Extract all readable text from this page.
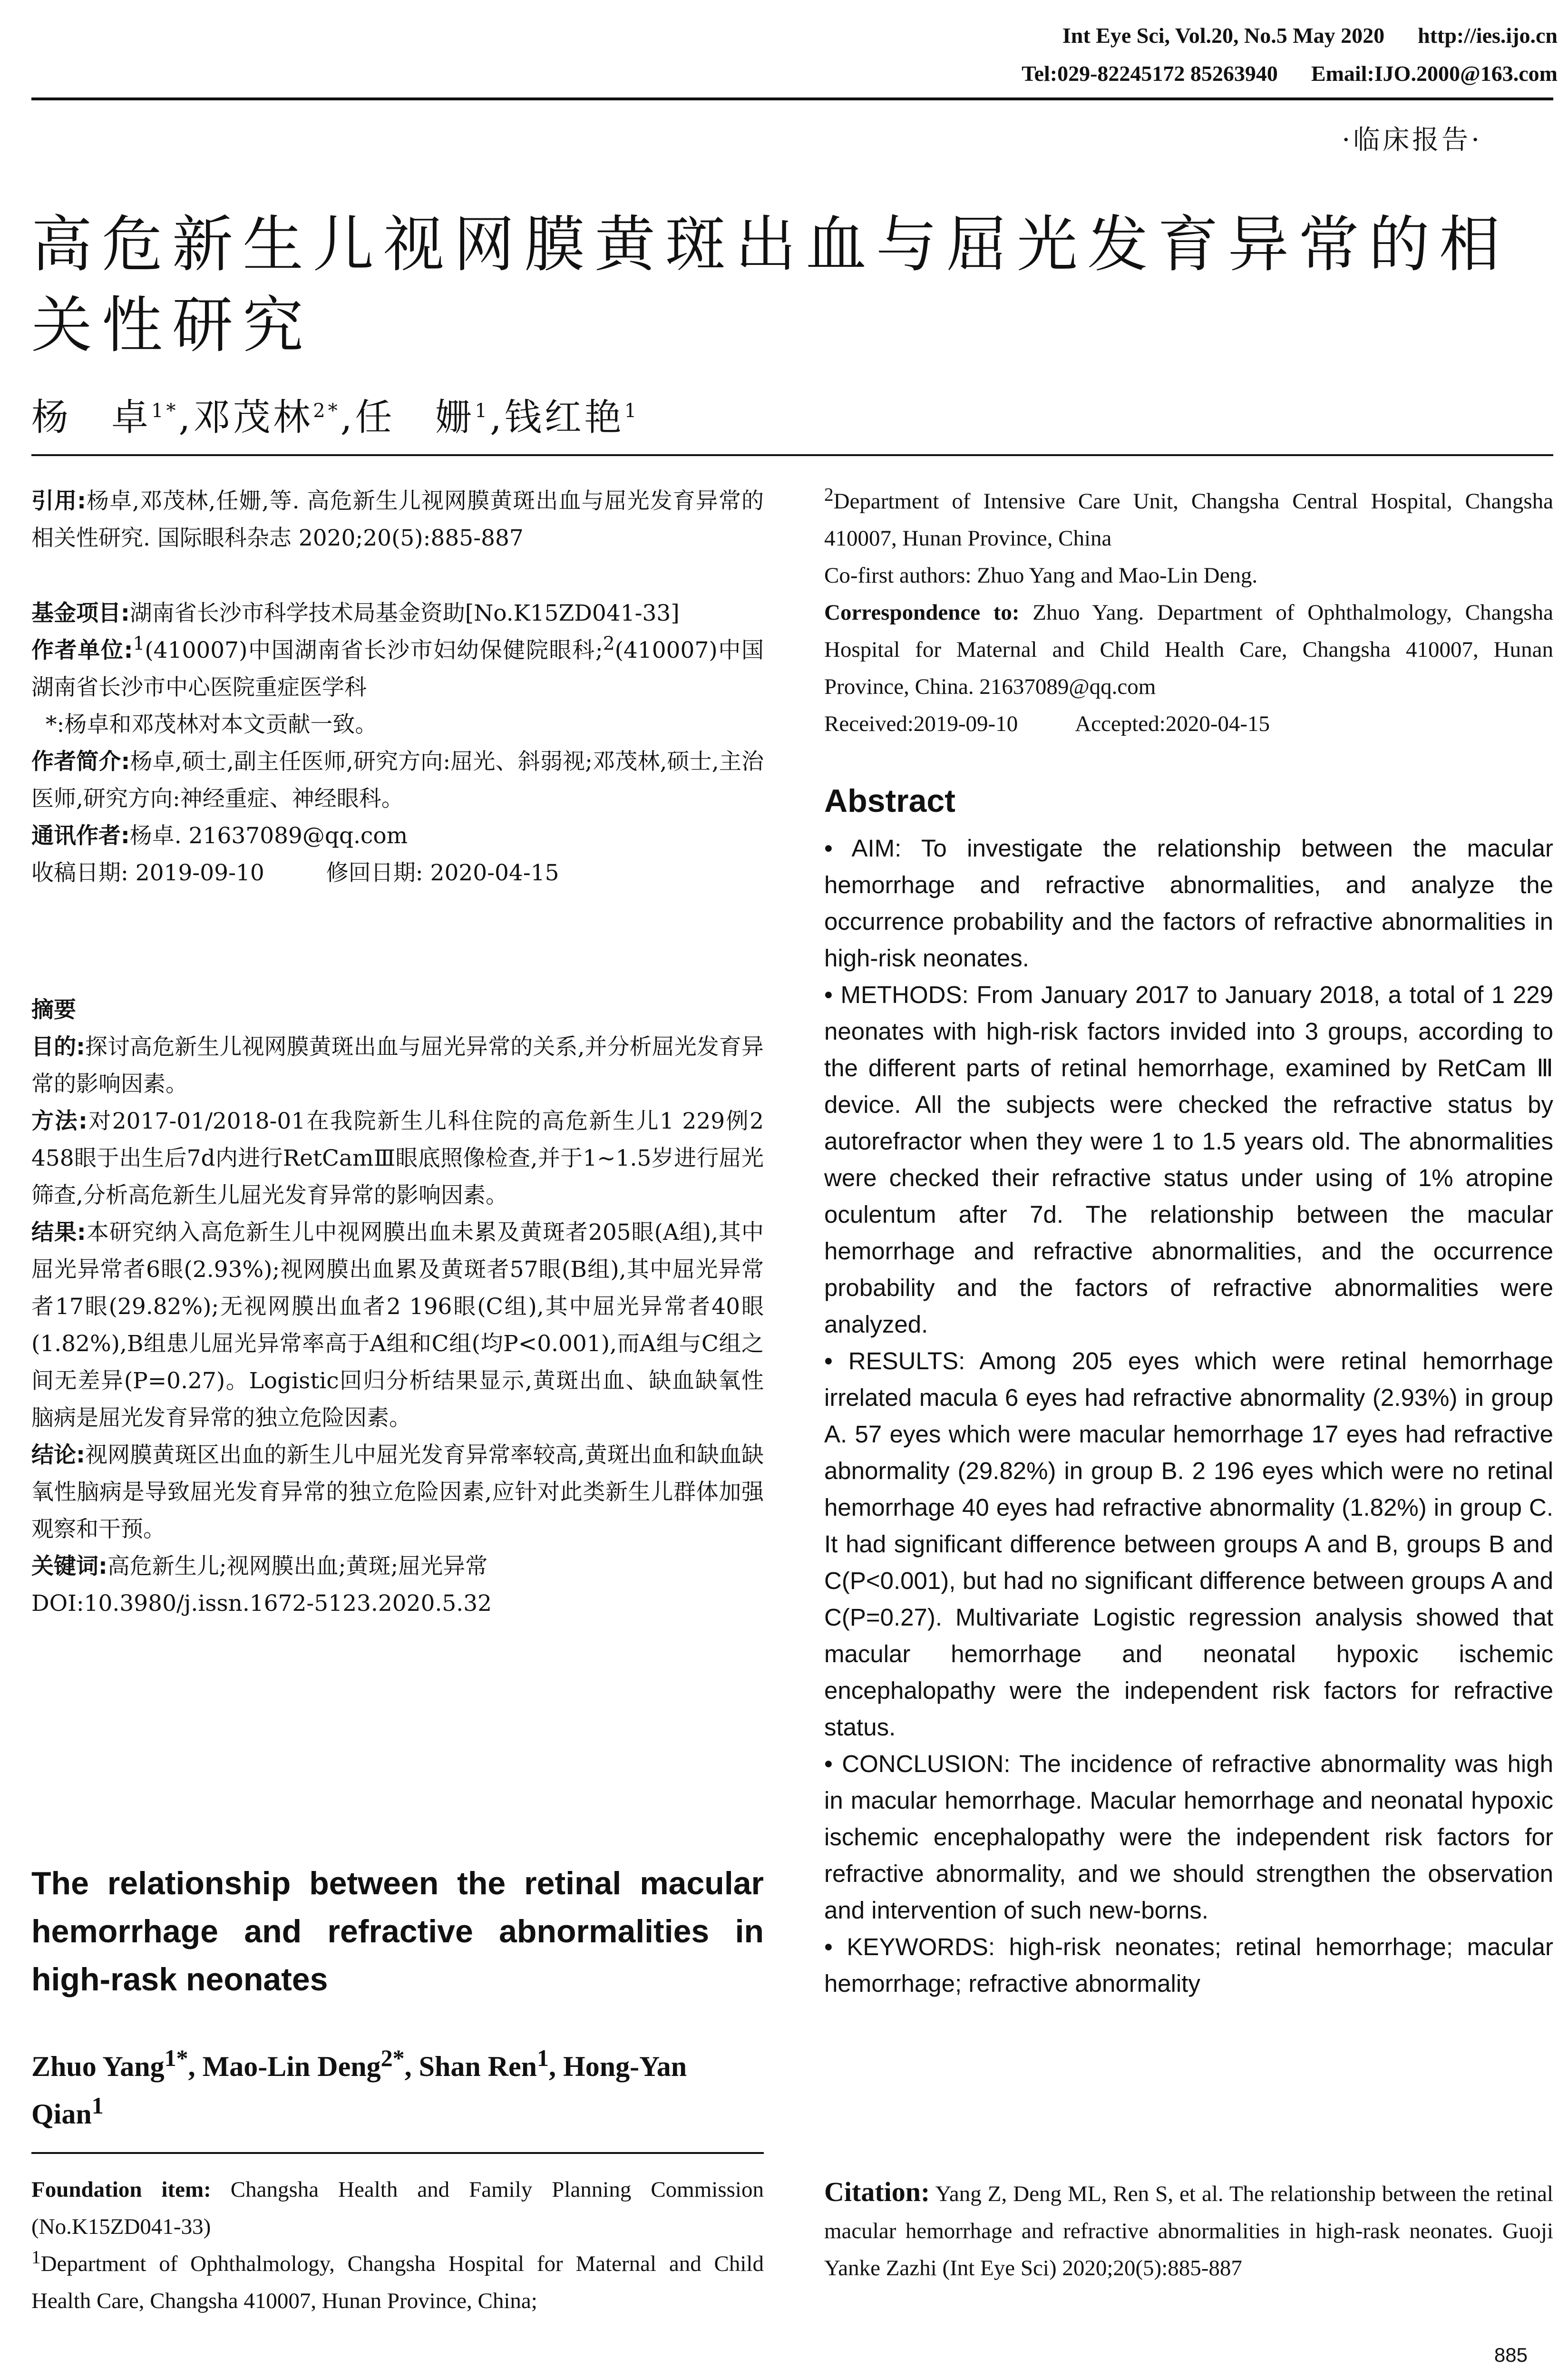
Int Eye Sci, Vol.20, No.5 May 2020 http://ies.ijo.cn
Tel:029-82245172 85263940 Email:IJO.2000@163.com
·临床报告·
高危新生儿视网膜黄斑出血与屈光发育异常的相关性研究
杨　卓$^{1*}$,邓茂林$^{2*}$,任　姗$^1$,钱红艳$^1$

引用:杨卓,邓茂林,任姗,等. 高危新生儿视网膜黄斑出血与屈光发育异常的相关性研究. 国际眼科杂志 2020;20(5):885-887

基金项目:湖南省长沙市科学技术局基金资助[No.K15ZD041-33]

作者单位:$^1$(410007)中国湖南省长沙市妇幼保健院眼科;$^2$(410007)中国湖南省长沙市中心医院重症医学科

*:杨卓和邓茂林对本文贡献一致。

作者简介:杨卓,硕士,副主任医师,研究方向:屈光、斜弱视;邓茂林,硕士,主治医师,研究方向:神经重症、神经眼科。

通讯作者:杨卓. 21637089@qq.com

收稿日期: 2019-09-10	修回日期: 2020-04-15

摘要

目的:探讨高危新生儿视网膜黄斑出血与屈光异常的关系,并分析屈光发育异常的影响因素。

方法:对2017-01/2018-01在我院新生儿科住院的高危新生儿1 229例2 458眼于出生后7d内进行RetCamⅢ眼底照像检查,并于1~1.5岁进行屈光筛查,分析高危新生儿屈光发育异常的影响因素。

结果:本研究纳入高危新生儿中视网膜出血未累及黄斑者205眼(A组),其中屈光异常者6眼(2.93%);视网膜出血累及黄斑者57眼(B组),其中屈光异常者17眼(29.82%);无视网膜出血者2 196眼(C组),其中屈光异常者40眼(1.82%),B组患儿屈光异常率高于A组和C组(均P<0.001),而A组与C组之间无差异(P=0.27)。Logistic回归分析结果显示,黄斑出血、缺血缺氧性脑病是屈光发育异常的独立危险因素。

结论:视网膜黄斑区出血的新生儿中屈光发育异常率较高,黄斑出血和缺血缺氧性脑病是导致屈光发育异常的独立危险因素,应针对此类新生儿群体加强观察和干预。

关键词:高危新生儿;视网膜出血;黄斑;屈光异常

DOI:10.3980/j.issn.1672-5123.2020.5.32

The relationship between the retinal macular hemorrhage and refractive abnormalities in high-rask neonates
Zhuo Yang$^{1*}$, Mao-Lin Deng$^{2*}$, Shan Ren$^1$, Hong-Yan Qian$^1$

Foundation item: Changsha Health and Family Planning Commission (No.K15ZD041-33)

$^1$Department of Ophthalmology, Changsha Hospital for Maternal and Child Health Care, Changsha 410007, Hunan Province, China;

$^2$Department of Intensive Care Unit, Changsha Central Hospital, Changsha 410007, Hunan Province, China

Co-first authors: Zhuo Yang and Mao-Lin Deng.

Correspondence to: Zhuo Yang. Department of Ophthalmology, Changsha Hospital for Maternal and Child Health Care, Changsha 410007, Hunan Province, China. 21637089@qq.com

Received:2019-09-10	Accepted:2020-04-15

Abstract

• AIM: To investigate the relationship between the macular hemorrhage and refractive abnormalities, and analyze the occurrence probability and the factors of refractive abnormalities in high-risk neonates.

• METHODS: From January 2017 to January 2018, a total of 1 229 neonates with high-risk factors invided into 3 groups, according to the different parts of retinal hemorrhage, examined by RetCam Ⅲ device. All the subjects were checked the refractive status by autorefractor when they were 1 to 1.5 years old. The abnormalities were checked their refractive status under using of 1% atropine oculentum after 7d. The relationship between the macular hemorrhage and refractive abnormalities, and the occurrence probability and the factors of refractive abnormalities were analyzed.

• RESULTS: Among 205 eyes which were retinal hemorrhage irrelated macula 6 eyes had refractive abnormality (2.93%) in group A. 57 eyes which were macular hemorrhage 17 eyes had refractive abnormality (29.82%) in group B. 2 196 eyes which were no retinal hemorrhage 40 eyes had refractive abnormality (1.82%) in group C. It had significant difference between groups A and B, groups B and C(P<0.001), but had no significant difference between groups A and C(P=0.27). Multivariate Logistic regression analysis showed that macular hemorrhage and neonatal hypoxic ischemic encephalopathy were the independent risk factors for refractive status.

• CONCLUSION: The incidence of refractive abnormality was high in macular hemorrhage. Macular hemorrhage and neonatal hypoxic ischemic encephalopathy were the independent risk factors for refractive abnormality, and we should strengthen the observation and intervention of such new-borns.

• KEYWORDS: high-risk neonates; retinal hemorrhage; macular hemorrhage; refractive abnormality

Citation: Yang Z, Deng ML, Ren S, et al. The relationship between the retinal macular hemorrhage and refractive abnormalities in high-rask neonates. Guoji Yanke Zazhi (Int Eye Sci) 2020;20(5):885-887

885
